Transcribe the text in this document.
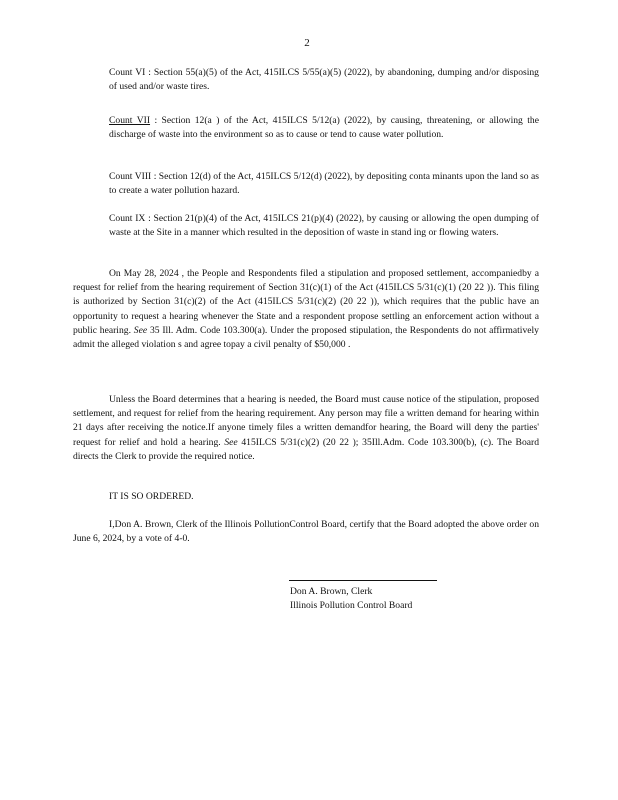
2

Count VI : Section 55(a)(5) of the Act, 415ILCS 5/55(a)(5) (2022), by abandoning, dumping and/or disposing of used and/or waste tires.

Count VII : Section 12(a ) of the Act, 415ILCS 5/12(a) (2022), by causing, threatening, or allowing the discharge of waste into the environment so as to cause or tend to cause water pollution.

Count VIII : Section 12(d) of the Act, 415ILCS 5/12(d) (2022), by depositing conta minants upon the land so as to create a water pollution hazard.

Count IX : Section 21(p)(4) of the Act, 415ILCS 21(p)(4) (2022), by causing or allowing the open dumping of waste at the Site in a manner which resulted in the deposition of waste in stand ing or flowing waters.

On May 28, 2024 , the People and Respondents filed a stipulation and proposed settlement, accompaniedby a request for relief from the hearing requirement of Section 31(c)(1) of the Act (415ILCS 5/31(c)(1) (20 22 )). This filing is authorized by Section 31(c)(2) of the Act (415ILCS 5/31(c)(2) (20 22 )), which requires that the public have an opportunity to request a hearing whenever the State and a respondent propose settling an enforcement action without a public hearing. See 35 Ill. Adm. Code 103.300(a). Under the proposed stipulation, the Respondents do not affirmatively admit the alleged violation s and agree topay a civil penalty of $50,000 .

Unless the Board determines that a hearing is needed, the Board must cause notice of the stipulation, proposed settlement, and request for relief from the hearing requirement. Any person may file a written demand for hearing within 21 days after receiving the notice.If anyone timely files a written demandfor hearing, the Board will deny the parties' request for relief and hold a hearing. See 415ILCS 5/31(c)(2) (20 22 ); 35Ill.Adm. Code 103.300(b), (c). The Board directs the Clerk to provide the required notice.

IT IS SO ORDERED.

I,Don A. Brown, Clerk of the Illinois PollutionControl Board, certify that the Board adopted the above order on June 6, 2024, by a vote of 4-0.

Don A. Brown, Clerk
Illinois Pollution Control Board
